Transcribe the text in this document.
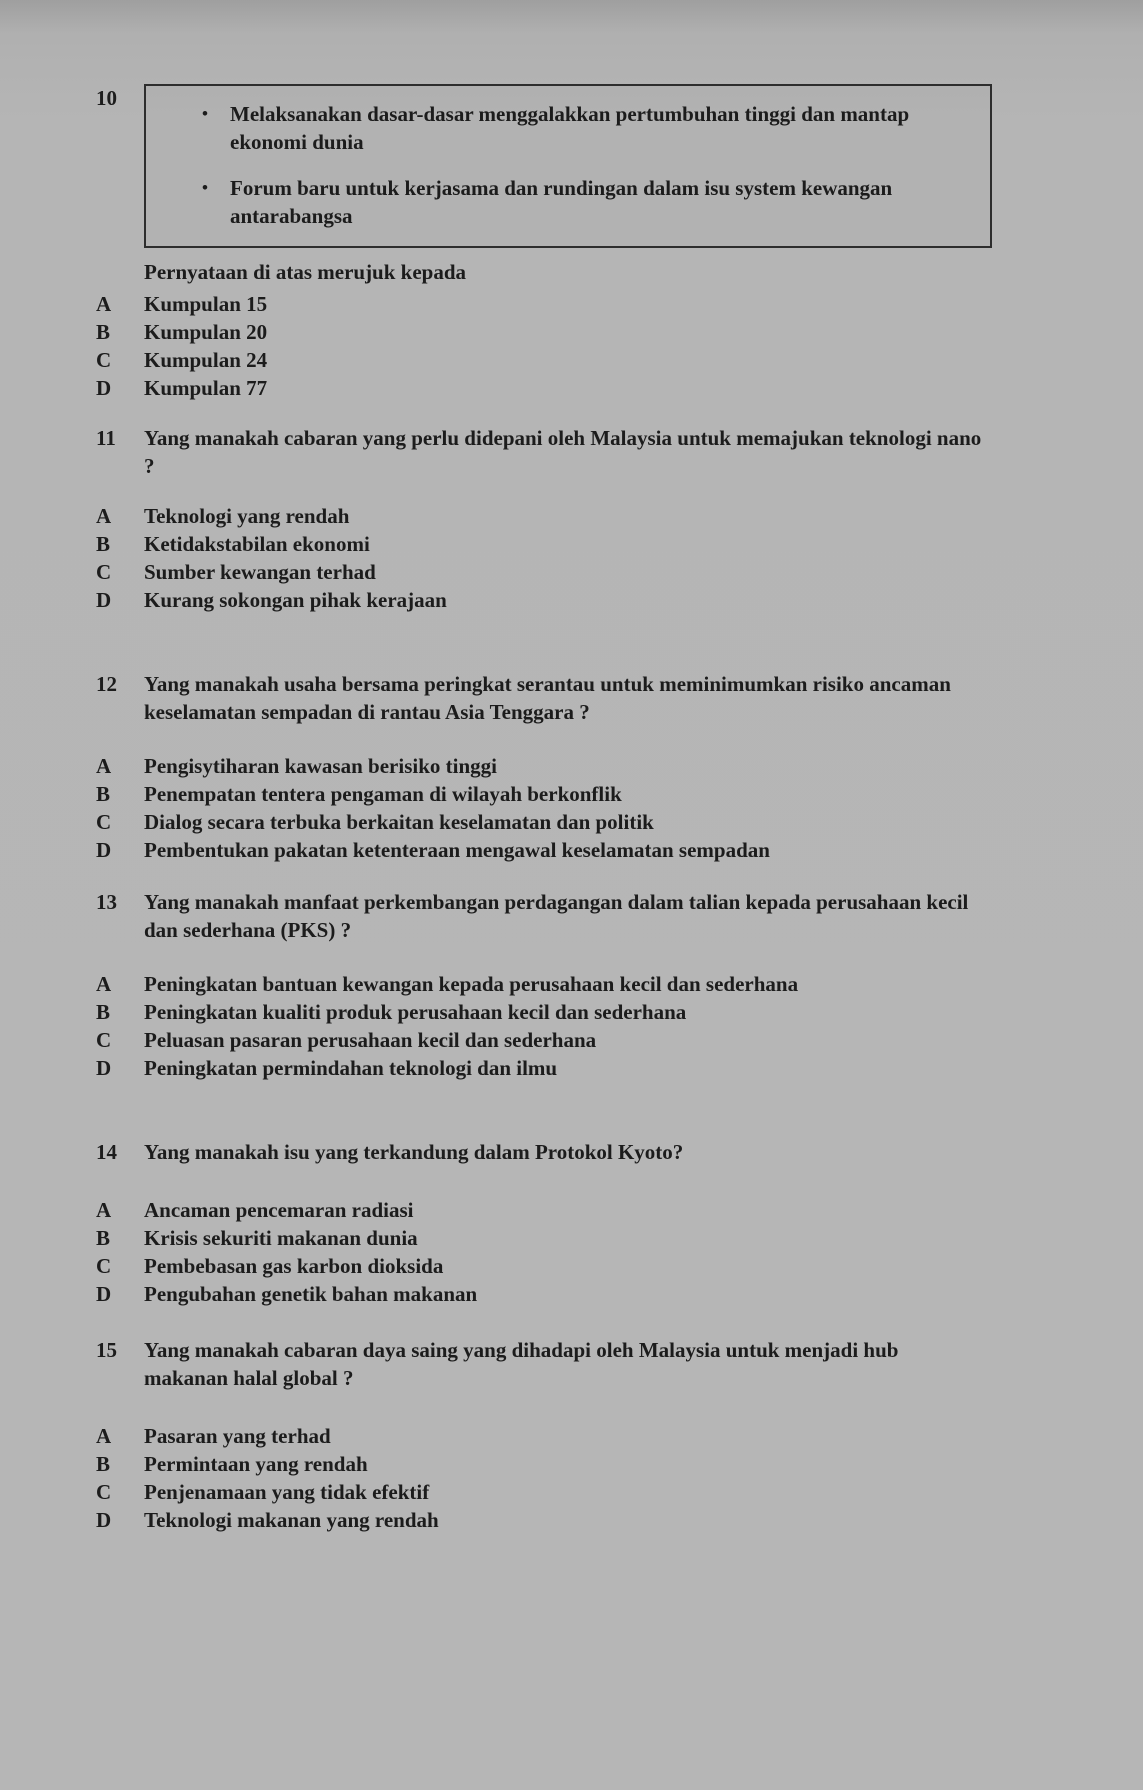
10
•	Melaksanakan dasar-dasar menggalakkan pertumbuhan tinggi dan mantap ekonomi dunia
•	Forum baru untuk kerjasama dan rundingan dalam isu system kewangan antarabangsa
Pernyataan di atas merujuk kepada
A	Kumpulan 15
B	Kumpulan 20
C	Kumpulan 24
D	Kumpulan 77
11	Yang manakah cabaran yang perlu didepani oleh Malaysia untuk memajukan teknologi nano ?
A	Teknologi yang rendah
B	Ketidakstabilan ekonomi
C	Sumber kewangan terhad
D	Kurang sokongan pihak kerajaan
12	Yang manakah usaha bersama peringkat serantau untuk meminimumkan risiko ancaman keselamatan sempadan di rantau Asia Tenggara ?
A	Pengisytiharan kawasan berisiko tinggi
B	Penempatan tentera pengaman di wilayah berkonflik
C	Dialog secara terbuka berkaitan keselamatan dan politik
D	Pembentukan pakatan ketenteraan mengawal keselamatan sempadan
13	Yang manakah manfaat perkembangan perdagangan dalam talian kepada perusahaan kecil dan sederhana (PKS) ?
A	Peningkatan bantuan kewangan kepada perusahaan kecil dan sederhana
B	Peningkatan kualiti produk perusahaan kecil dan sederhana
C	Peluasan pasaran perusahaan kecil dan sederhana
D	Peningkatan permindahan teknologi dan ilmu
14	Yang manakah isu yang terkandung dalam Protokol Kyoto?
A	Ancaman pencemaran radiasi
B	Krisis sekuriti makanan dunia
C	Pembebasan gas karbon dioksida
D	Pengubahan genetik bahan makanan
15	Yang manakah cabaran daya saing yang dihadapi oleh Malaysia untuk menjadi hub makanan halal global ?
A	Pasaran yang terhad
B	Permintaan yang rendah
C	Penjenamaan yang tidak efektif
D	Teknologi makanan yang rendah
